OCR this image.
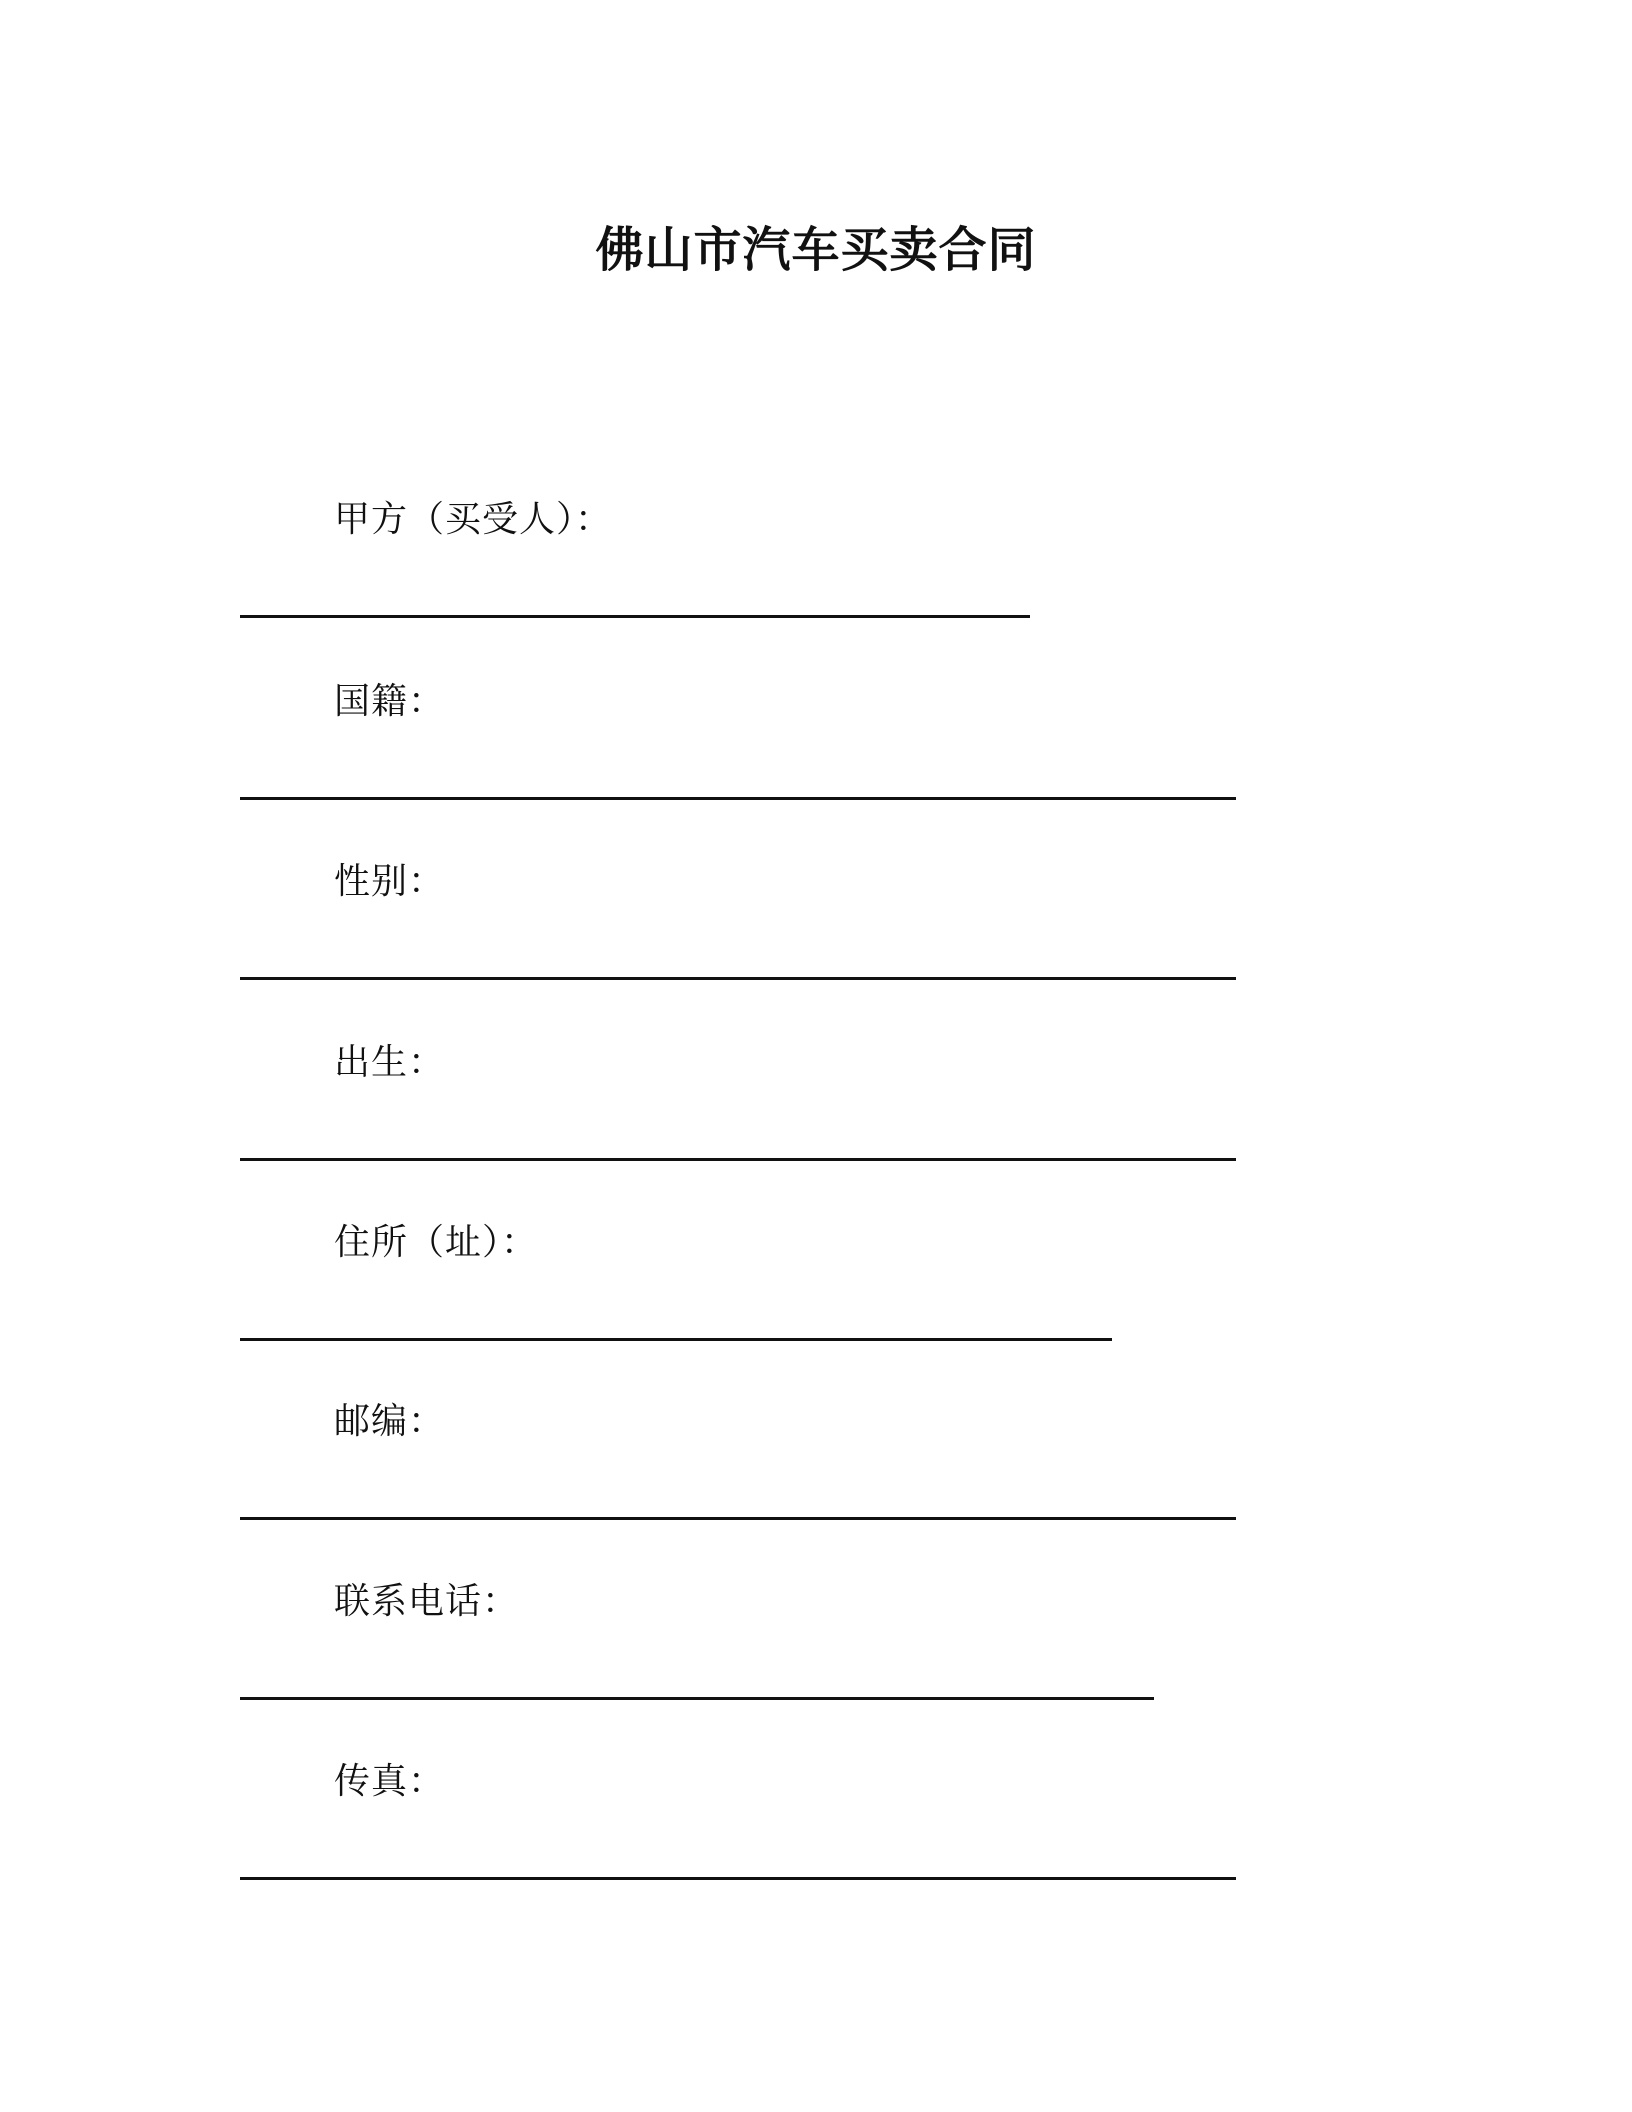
佛山市汽车买卖合同
甲方（买受人）：
国籍：
性别：
出生：
住所（址）：
邮编：
联系电话：
传真：
